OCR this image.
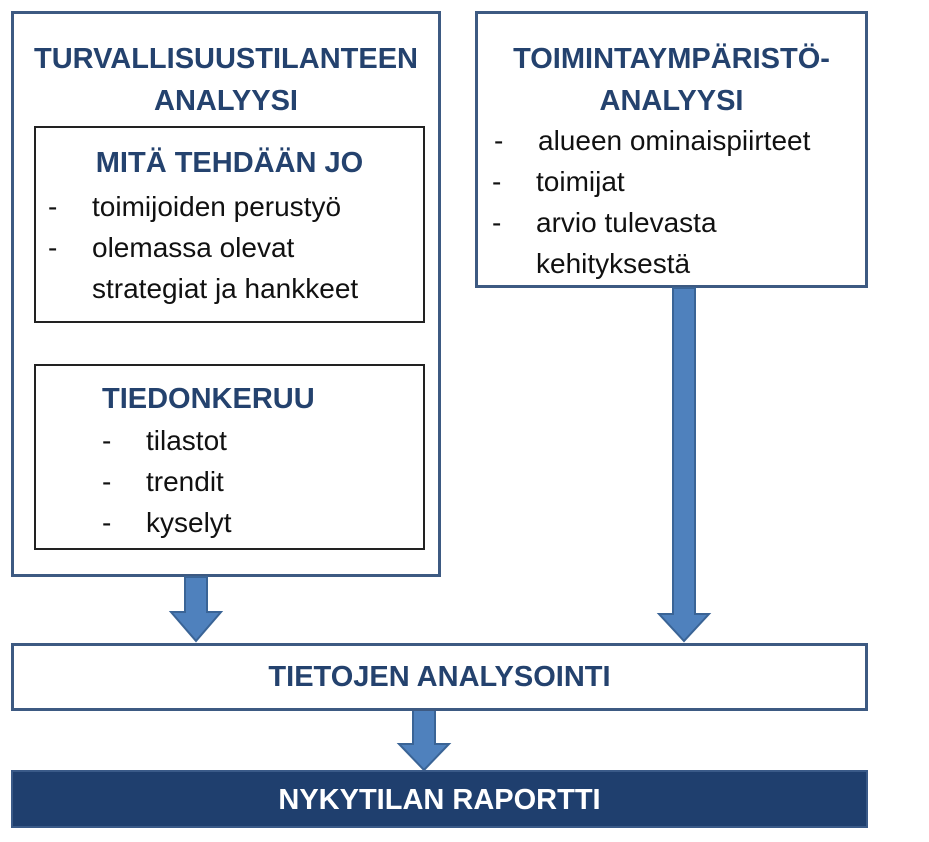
TURVALLISUUSTILANTEEN
ANALYYSI
MITÄ TEHDÄÄN JO
- toimijoiden perustyö
- olemassa olevat
strategiat ja hankkeet
TIEDONKERUU
- tilastot
- trendit
- kyselyt
TOIMINTAYMPÄRISTÖ-
ANALYYSI
- alueen ominaispiirteet
- toimijat
- arvio tulevasta
kehityksestä
TIETOJEN ANALYSOINTI
NYKYTILAN RAPORTTI
